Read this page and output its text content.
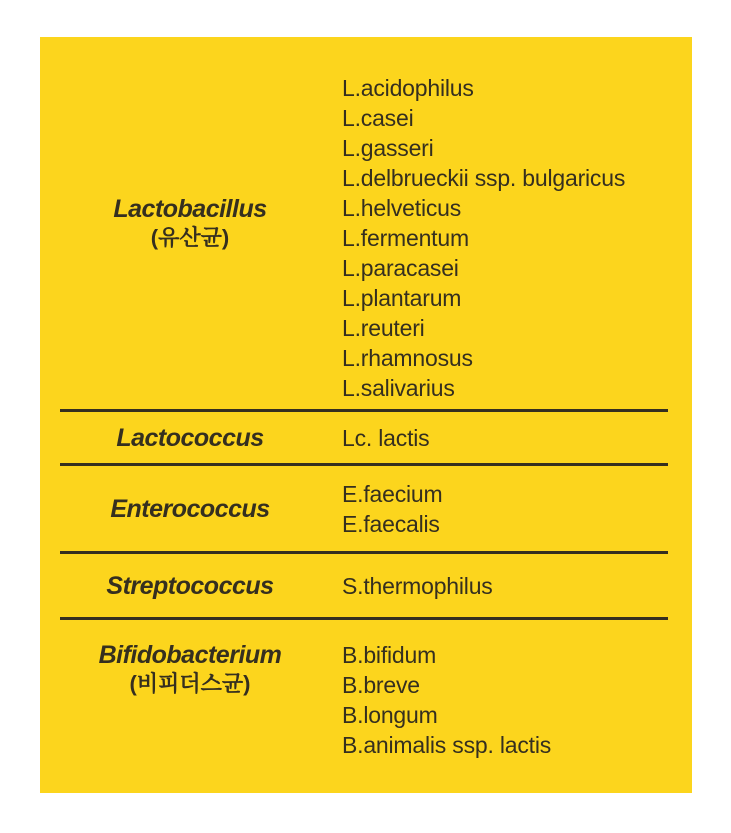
Lactobacillus
(유산균)
L.acidophilus
L.casei
L.gasseri
L.delbrueckii ssp. bulgaricus
L.helveticus
L.fermentum
L.paracasei
L.plantarum
L.reuteri
L.rhamnosus
L.salivarius
Lactococcus	Lc. lactis
Enterococcus
E.faecium
E.faecalis
Streptococcus	S.thermophilus
Bifidobacterium
(비피더스균)
B.bifidum
B.breve
B.longum
B.animalis ssp. lactis
